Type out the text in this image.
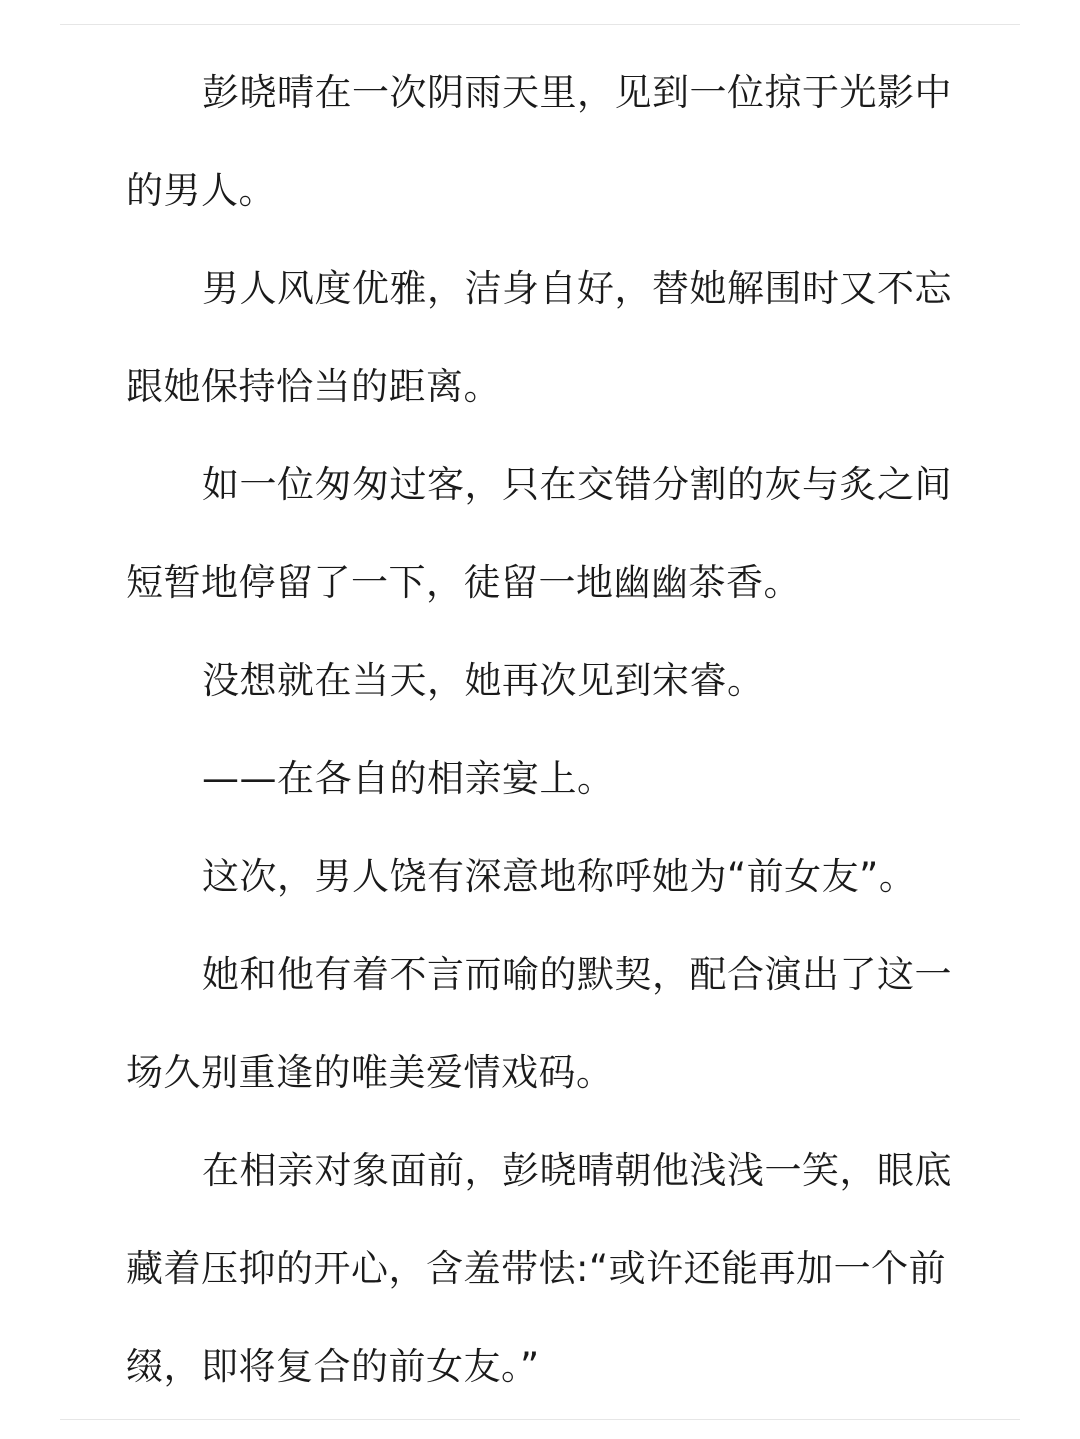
彭晓晴在一次阴雨天里，见到一位掠于光影中的男人。

男人风度优雅，洁身自好，替她解围时又不忘跟她保持恰当的距离。

如一位匆匆过客，只在交错分割的灰与炙之间短暂地停留了一下，徒留一地幽幽茶香。

没想就在当天，她再次见到宋睿。

——在各自的相亲宴上。

这次，男人饶有深意地称呼她为“前女友”。

她和他有着不言而喻的默契，配合演出了这一场久别重逢的唯美爱情戏码。

在相亲对象面前，彭晓晴朝他浅浅一笑，眼底藏着压抑的开心，含羞带怯:“或许还能再加一个前缀，即将复合的前女友。”
